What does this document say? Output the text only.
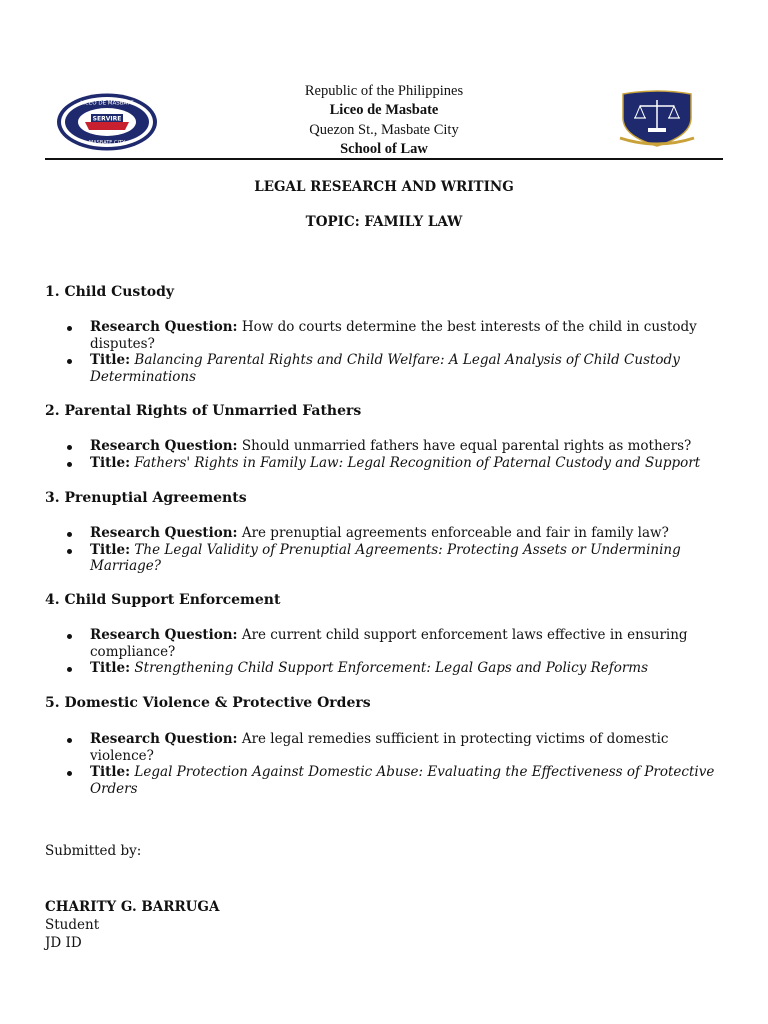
SERVIRE
LICEO DE MASBATE
MASBATE CITY
Republic of the Philippines
Liceo de Masbate
Quezon St., Masbate City
School of Law
LEGAL RESEARCH AND WRITING
TOPIC: FAMILY LAW
1. Child Custody
Research Question: How do courts determine the best interests of the child in custody disputes?
Title: Balancing Parental Rights and Child Welfare: A Legal Analysis of Child Custody Determinations
2. Parental Rights of Unmarried Fathers
Research Question: Should unmarried fathers have equal parental rights as mothers?
Title: Fathers' Rights in Family Law: Legal Recognition of Paternal Custody and Support
3. Prenuptial Agreements
Research Question: Are prenuptial agreements enforceable and fair in family law?
Title: The Legal Validity of Prenuptial Agreements: Protecting Assets or Undermining Marriage?
4. Child Support Enforcement
Research Question: Are current child support enforcement laws effective in ensuring compliance?
Title: Strengthening Child Support Enforcement: Legal Gaps and Policy Reforms
5. Domestic Violence & Protective Orders
Research Question: Are legal remedies sufficient in protecting victims of domestic violence?
Title: Legal Protection Against Domestic Abuse: Evaluating the Effectiveness of Protective Orders
Submitted by:
CHARITY G. BARRUGA
Student
JD ID
